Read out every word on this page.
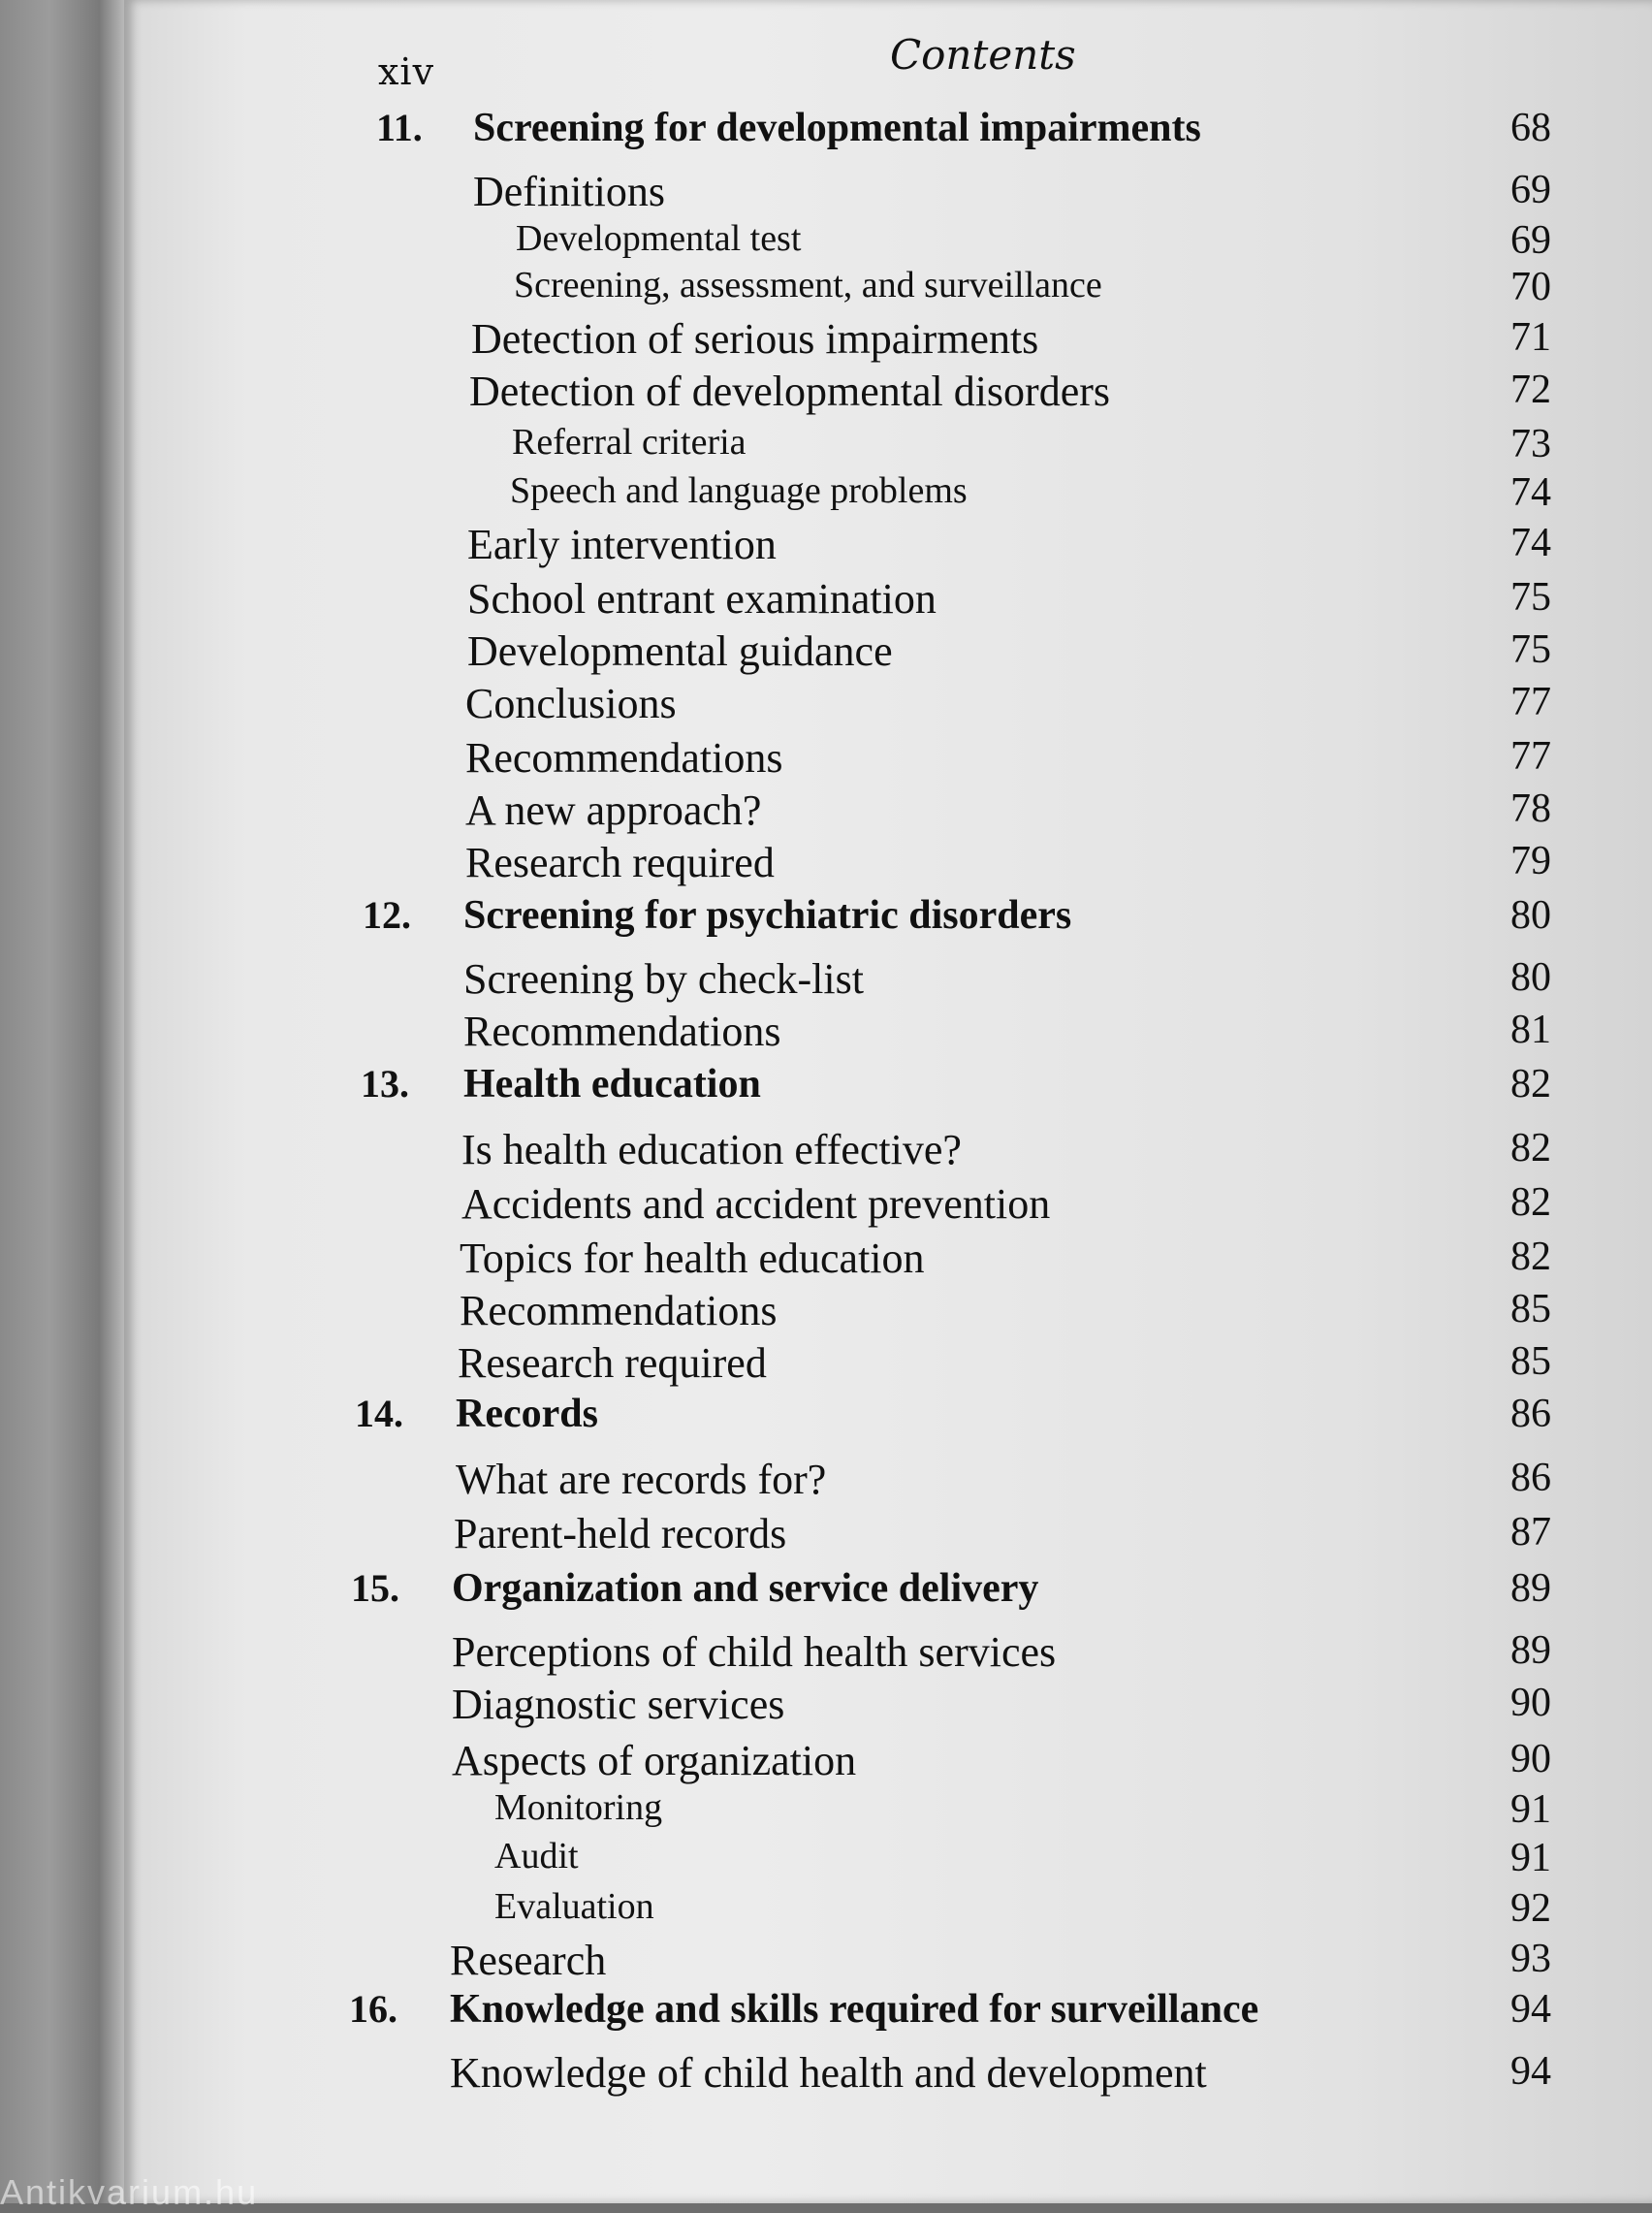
xiv	Contents
11. Screening for developmental impairments	68
Definitions	69
Developmental test	69
Screening, assessment, and surveillance	70
Detection of serious impairments	71
Detection of developmental disorders	72
Referral criteria	73
Speech and language problems	74
Early intervention	74
School entrant examination	75
Developmental guidance	75
Conclusions	77
Recommendations	77
A new approach?	78
Research required	79
12. Screening for psychiatric disorders	80
Screening by check-list	80
Recommendations	81
13. Health education	82
Is health education effective?	82
Accidents and accident prevention	82
Topics for health education	82
Recommendations	85
Research required	85
14. Records	86
What are records for?	86
Parent-held records	87
15. Organization and service delivery	89
Perceptions of child health services	89
Diagnostic services	90
Aspects of organization	90
Monitoring	91
Audit	91
Evaluation	92
Research	93
16. Knowledge and skills required for surveillance	94
Knowledge of child health and development	94
Antikvarium.hu
